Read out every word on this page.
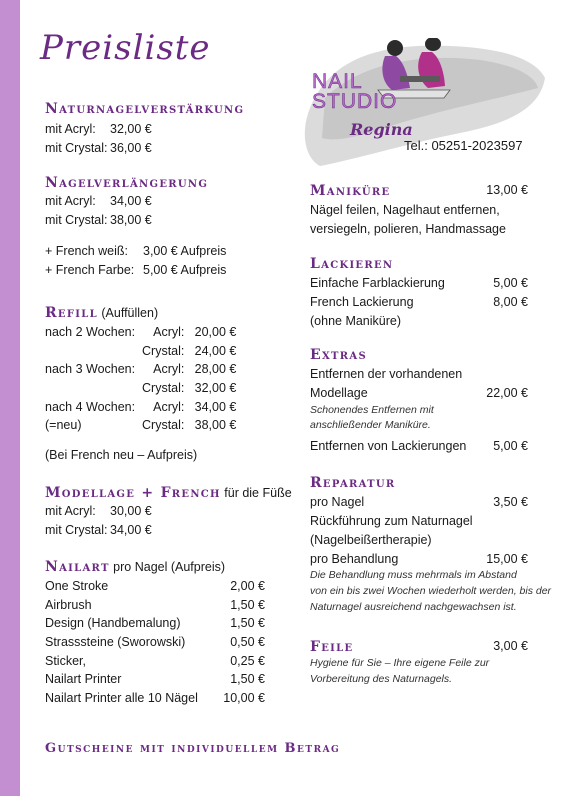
Preisliste
NAIL
STUDIO
Regina
Tel.: 05251-2023597
Naturnagelverstärkung
mit Acryl:	32,00 €
mit Crystal:	36,00 €
Nagelverlängerung
mit Acryl:	34,00 €
mit Crystal:	38,00 €
+ French weiß:	3,00 € Aufpreis
+ French Farbe:	5,00 € Aufpreis
Refill (Auffüllen)
nach 2 Wochen:	Acryl:	20,00 €
	Crystal:	24,00 €
nach 3 Wochen:	Acryl:	28,00 €
	Crystal:	32,00 €
nach 4 Wochen:	Acryl:	34,00 €
(=neu)	Crystal:	38,00 €
(Bei French neu – Aufpreis)
Modellage + French für die Füße
mit Acryl:	30,00 €
mit Crystal:	34,00 €
Nailart pro Nagel (Aufpreis)
One Stroke	2,00 €
Airbrush	1,50 €
Design (Handbemalung)	1,50 €
Strasssteine (Sworowski)	0,50 €
Sticker,	0,25 €
Nailart Printer	1,50 €
Nailart Printer alle 10 Nägel	10,00 €
Maniküre	13,00 €
Nägel feilen, Nagelhaut entfernen,
versiegeln, polieren, Handmassage
Lackieren
Einfache Farblackierung	5,00 €
French Lackierung	8,00 €
(ohne Maniküre)
Extras
Entfernen der vorhandenen
Modellage	22,00 €
Schonendes Entfernen mit
anschließender Maniküre.
Entfernen von Lackierungen	5,00 €
Reparatur
pro Nagel	3,50 €
Rückführung zum Naturnagel
(Nagelbeißertherapie)
pro Behandlung	15,00 €
Die Behandlung muss mehrmals im Abstand
von ein bis zwei Wochen wiederholt werden, bis der
Naturnagel ausreichend nachgewachsen ist.
Feile	3,00 €
Hygiene für Sie – Ihre eigene Feile zur
Vorbereitung des Naturnagels.
Gutscheine mit individuellem Betrag
